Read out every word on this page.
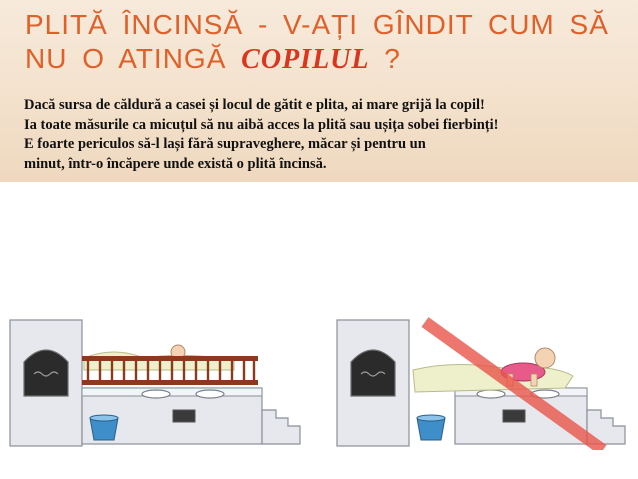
PLITĂ ÎNCINSĂ - V-AȚI GÎNDIT CUM SĂ
NU O ATINGĂ COPILUL ?
Dacă sursa de căldură a casei și locul de gătit e plita, ai mare grijă la copil!
Ia toate măsurile ca micuțul să nu aibă acces la plită sau ușița sobei fierbinți!
E foarte periculos să-l lași fără supraveghere, măcar și pentru un
minut, într-o încăpere unde există o plită încinsă.
